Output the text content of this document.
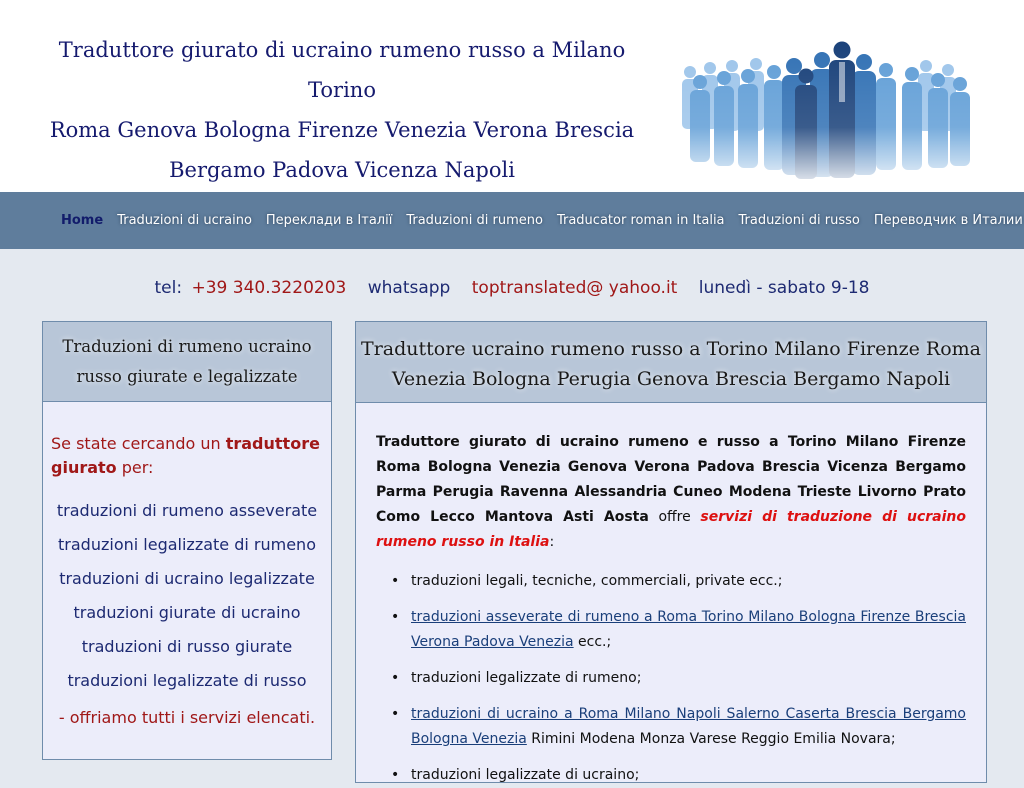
Traduttore giurato di ucraino rumeno russo a Milano Torino
Roma Genova Bologna Firenze Venezia Verona Brescia
Bergamo Padova Vicenza Napoli
Home	Traduzioni di ucraino	Переклади в Італії	Traduzioni di rumeno	Traducator roman in Italia	Traduzioni di russo	Переводчик в Италии
tel: +39 340.3220203 whatsapp toptranslated@ yahoo.it lunedì - sabato 9-18
Traduzioni di rumeno ucraino
russo giurate e legalizzate
Se state cercando un traduttore giurato per:
traduzioni di rumeno asseverate
traduzioni legalizzate di rumeno
traduzioni di ucraino legalizzate
traduzioni giurate di ucraino
traduzioni di russo giurate
traduzioni legalizzate di russo
- offriamo tutti i servizi elencati.
Traduttore ucraino rumeno russo a Torino Milano Firenze Roma
Venezia Bologna Perugia Genova Brescia Bergamo Napoli

Traduttore giurato di ucraino rumeno e russo a Torino Milano Firenze Roma Bologna Venezia Genova Verona Padova Brescia Vicenza Bergamo Parma Perugia Ravenna Alessandria Cuneo Modena Trieste Livorno Prato Como Lecco Mantova Asti Aosta offre servizi di traduzione di ucraino rumeno russo in Italia:

• traduzioni legali, tecniche, commerciali, private ecc.;
• traduzioni asseverate di rumeno a Roma Torino Milano Bologna Firenze Brescia Verona Padova Venezia ecc.;
• traduzioni legalizzate di rumeno;
• traduzioni di ucraino a Roma Milano Napoli Salerno Caserta Brescia Bergamo Bologna Venezia Rimini Modena Monza Varese Reggio Emilia Novara;
• traduzioni legalizzate di ucraino;
